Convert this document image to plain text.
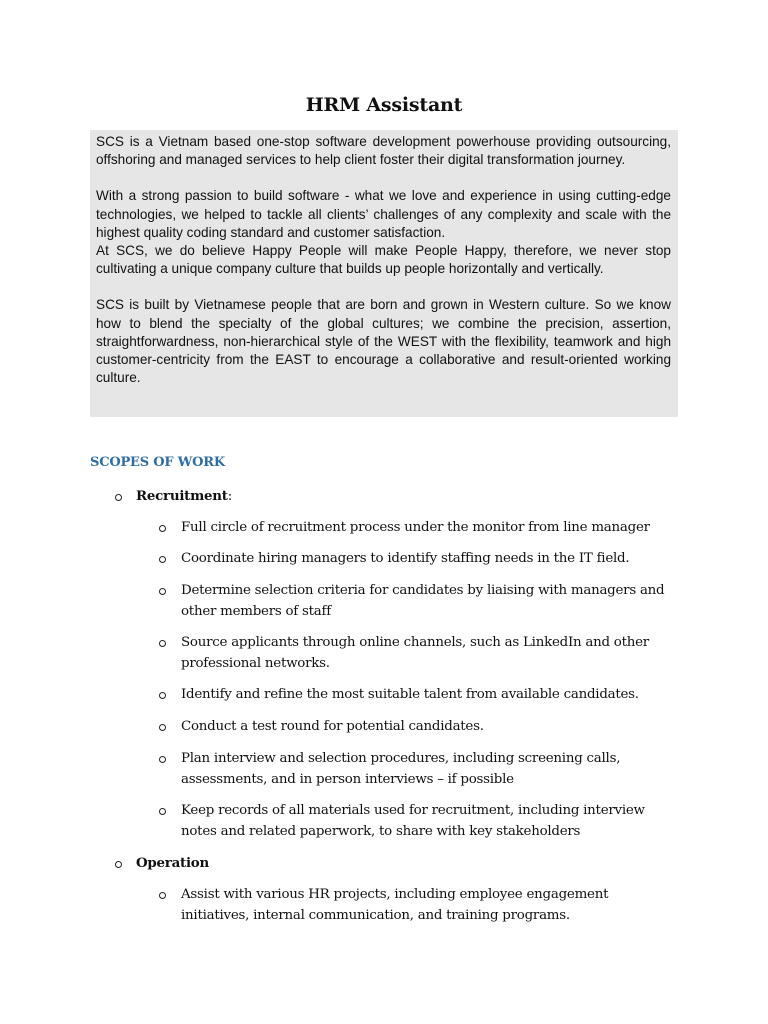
HRM Assistant

SCS is a Vietnam based one-stop software development powerhouse providing outsourcing, offshoring and managed services to help client foster their digital transformation journey.

With a strong passion to build software - what we love and experience in using cutting-edge technologies, we helped to tackle all clients’ challenges of any complexity and scale with the highest quality coding standard and customer satisfaction.

At SCS, we do believe Happy People will make People Happy, therefore, we never stop cultivating a unique company culture that builds up people horizontally and vertically.

SCS is built by Vietnamese people that are born and grown in Western culture. So we know how to blend the specialty of the global cultures; we combine the precision, assertion, straightforwardness, non-hierarchical style of the WEST with the flexibility, teamwork and high customer-centricity from the EAST to encourage a collaborative and result-oriented working culture.

SCOPES OF WORK
Recruitment:
Full circle of recruitment process under the monitor from line manager
Coordinate hiring managers to identify staffing needs in the IT field.
Determine selection criteria for candidates by liaising with managers and other members of staff
Source applicants through online channels, such as LinkedIn and other professional networks.
Identify and refine the most suitable talent from available candidates.
Conduct a test round for potential candidates.
Plan interview and selection procedures, including screening calls, assessments, and in person interviews – if possible
Keep records of all materials used for recruitment, including interview notes and related paperwork, to share with key stakeholders
Operation
Assist with various HR projects, including employee engagement initiatives, internal communication, and training programs.
